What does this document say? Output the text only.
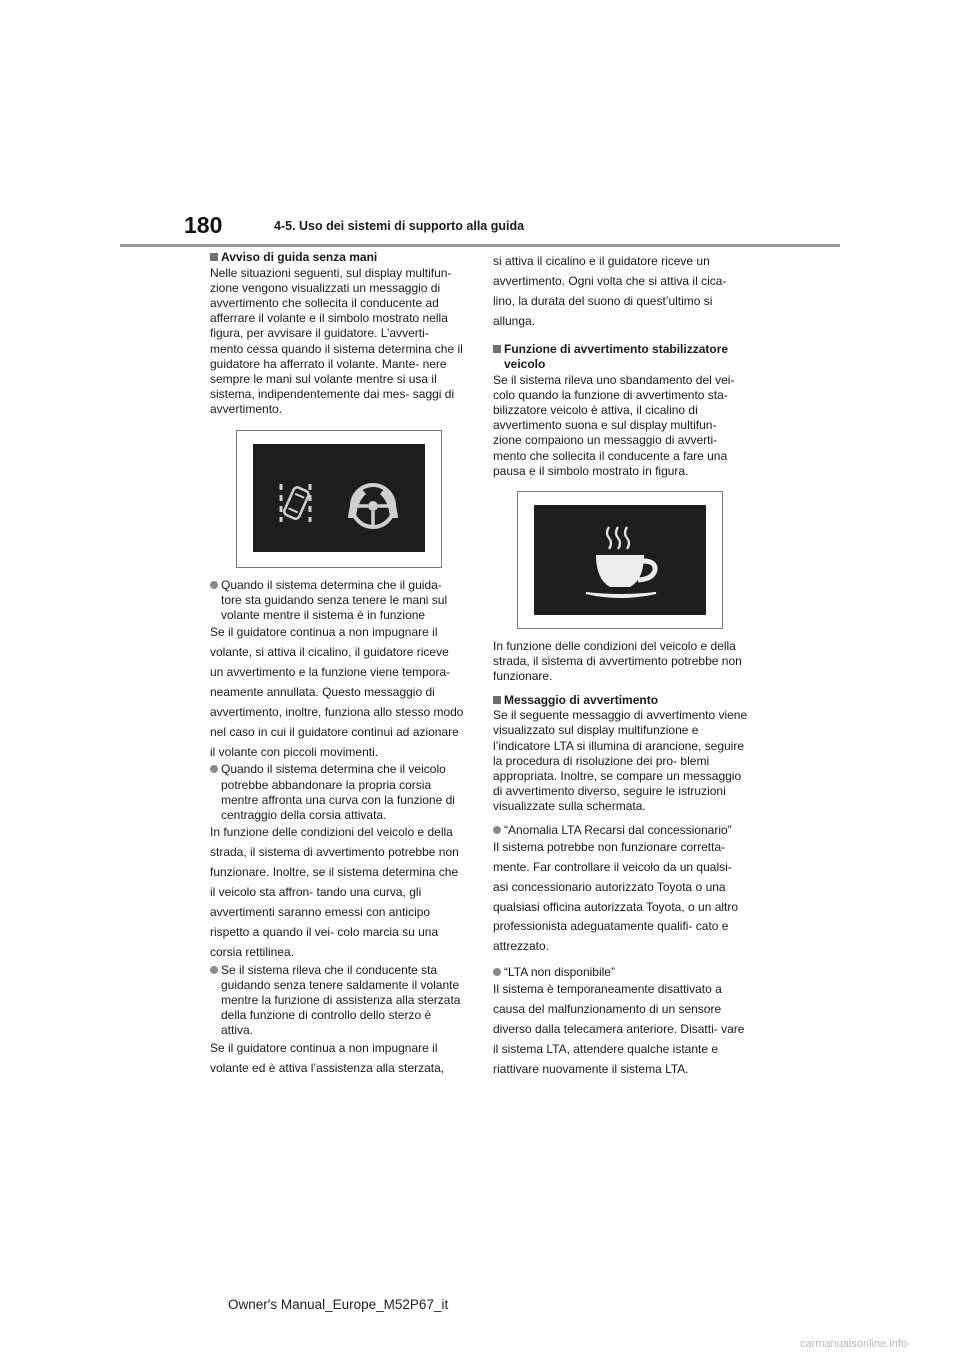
180	4-5. Uso dei sistemi di supporto alla guida
Avviso di guida senza mani

Nelle situazioni seguenti, sul display multifun- zione vengono visualizzati un messaggio di avvertimento che sollecita il conducente ad afferrare il volante e il simbolo mostrato nella figura, per avvisare il guidatore. L’avverti- mento cessa quando il sistema determina che il guidatore ha afferrato il volante. Mante- nere sempre le mani sul volante mentre si usa il sistema, indipendentemente dai mes- saggi di avvertimento.

Quando il sistema determina che il guida- tore sta guidando senza tenere le mani sul volante mentre il sistema è in funzione

Se il guidatore continua a non impugnare il volante, si attiva il cicalino, il guidatore riceve un avvertimento e la funzione viene tempora- neamente annullata. Questo messaggio di avvertimento, inoltre, funziona allo stesso modo nel caso in cui il guidatore continui ad azionare il volante con piccoli movimenti.

Quando il sistema determina che il veicolo potrebbe abbandonare la propria corsia mentre affronta una curva con la funzione di centraggio della corsia attivata.

In funzione delle condizioni del veicolo e della strada, il sistema di avvertimento potrebbe non funzionare. Inoltre, se il sistema determina che il veicolo sta affron- tando una curva, gli avvertimenti saranno emessi con anticipo rispetto a quando il vei- colo marcia su una corsia rettilinea.

Se il sistema rileva che il conducente sta guidando senza tenere saldamente il volante mentre la funzione di assistenza alla sterzata della funzione di controllo dello sterzo è attiva.

Se il guidatore continua a non impugnare il volante ed è attiva l’assistenza alla sterzata,

si attiva il cicalino e il guidatore riceve un avvertimento. Ogni volta che si attiva il cica- lino, la durata del suono di quest’ultimo si allunga.

Funzione di avvertimento stabilizzatore veicolo

Se il sistema rileva uno sbandamento del vei- colo quando la funzione di avvertimento sta- bilizzatore veicolo è attiva, il cicalino di avvertimento suona e sul display multifun- zione compaiono un messaggio di avverti- mento che sollecita il conducente a fare una pausa e il simbolo mostrato in figura.

In funzione delle condizioni del veicolo e della strada, il sistema di avvertimento potrebbe non funzionare.

Messaggio di avvertimento

Se il seguente messaggio di avvertimento viene visualizzato sul display multifunzione e l’indicatore LTA si illumina di arancione, seguire la procedura di risoluzione dei pro- blemi appropriata. Inoltre, se compare un messaggio di avvertimento diverso, seguire le istruzioni visualizzate sulla schermata.

“Anomalia LTA Recarsi dal concessionario”

Il sistema potrebbe non funzionare corretta- mente. Far controllare il veicolo da un qualsi- asi concessionario autorizzato Toyota o una qualsiasi officina autorizzata Toyota, o un altro professionista adeguatamente qualifi- cato e attrezzato.

“LTA non disponibile”

Il sistema è temporaneamente disattivato a causa del malfunzionamento di un sensore diverso dalla telecamera anteriore. Disatti- vare il sistema LTA, attendere qualche istante e riattivare nuovamente il sistema LTA.

Owner's Manual_Europe_M52P67_it
carmanualsonline.info
